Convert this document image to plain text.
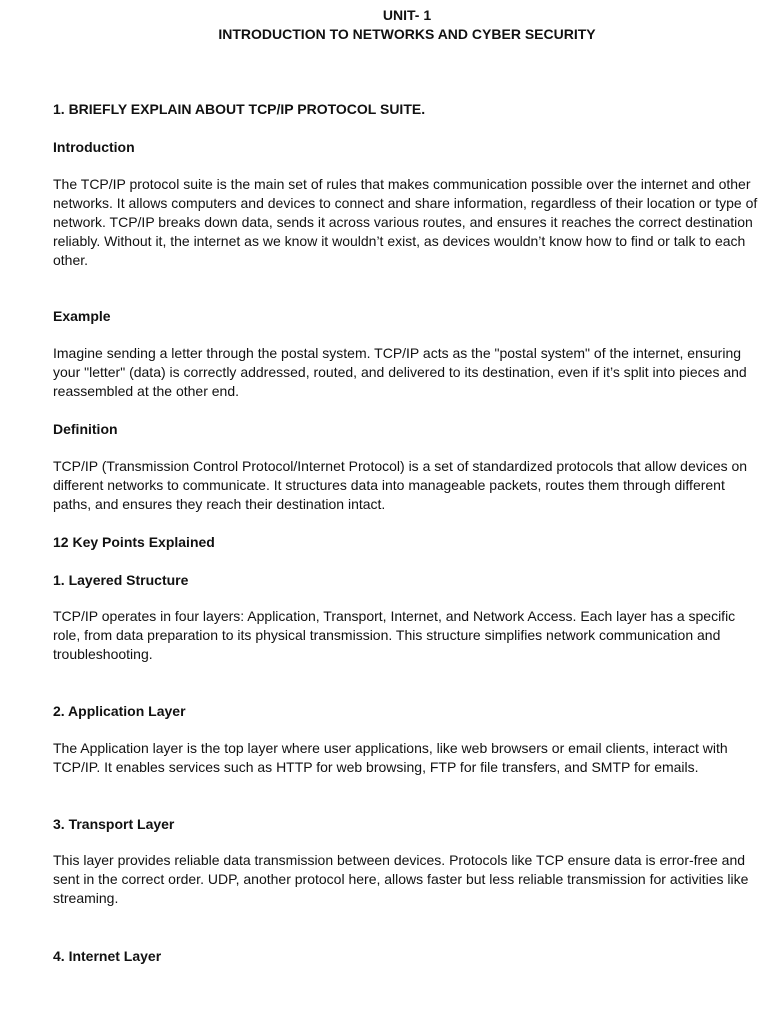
UNIT- 1
INTRODUCTION TO NETWORKS AND CYBER SECURITY
1. BRIEFLY EXPLAIN ABOUT TCP/IP PROTOCOL SUITE.
Introduction

The TCP/IP protocol suite is the main set of rules that makes communication possible over the internet and other networks. It allows computers and devices to connect and share information, regardless of their location or type of network. TCP/IP breaks down data, sends it across various routes, and ensures it reaches the correct destination reliably. Without it, the internet as we know it wouldn’t exist, as devices wouldn’t know how to find or talk to each other.

Example

Imagine sending a letter through the postal system. TCP/IP acts as the "postal system" of the internet, ensuring your "letter" (data) is correctly addressed, routed, and delivered to its destination, even if it’s split into pieces and reassembled at the other end.

Definition

TCP/IP (Transmission Control Protocol/Internet Protocol) is a set of standardized protocols that allow devices on different networks to communicate. It structures data into manageable packets, routes them through different paths, and ensures they reach their destination intact.

12 Key Points Explained
1. Layered Structure

TCP/IP operates in four layers: Application, Transport, Internet, and Network Access. Each layer has a specific role, from data preparation to its physical transmission. This structure simplifies network communication and troubleshooting.

2. Application Layer

The Application layer is the top layer where user applications, like web browsers or email clients, interact with TCP/IP. It enables services such as HTTP for web browsing, FTP for file transfers, and SMTP for emails.

3. Transport Layer

This layer provides reliable data transmission between devices. Protocols like TCP ensure data is error-free and sent in the correct order. UDP, another protocol here, allows faster but less reliable transmission for activities like streaming.

4. Internet Layer
